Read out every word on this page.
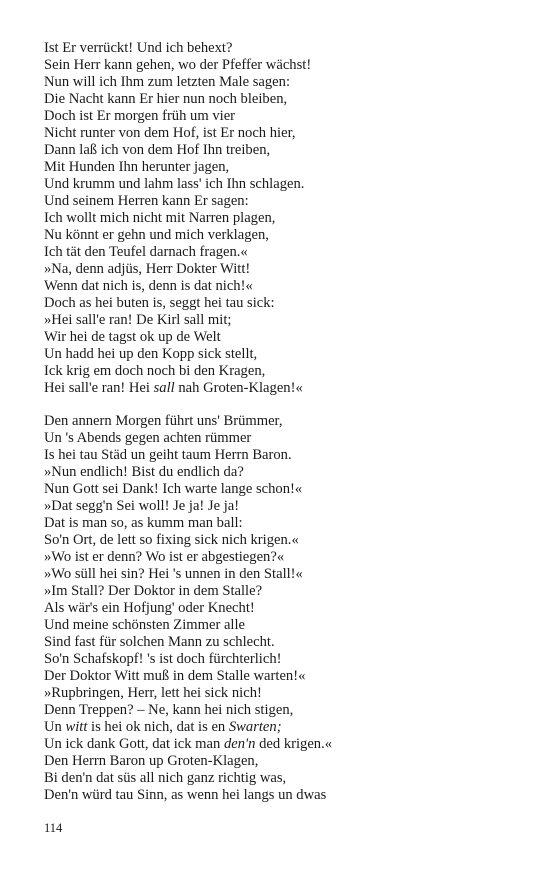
Ist Er verrückt! Und ich behext?
Sein Herr kann gehen, wo der Pfeffer wächst!
Nun will ich Ihm zum letzten Male sagen:
Die Nacht kann Er hier nun noch bleiben,
Doch ist Er morgen früh um vier
Nicht runter von dem Hof, ist Er noch hier,
Dann laß ich von dem Hof Ihn treiben,
Mit Hunden Ihn herunter jagen,
Und krumm und lahm lass' ich Ihn schlagen.
Und seinem Herren kann Er sagen:
Ich wollt mich nicht mit Narren plagen,
Nu könnt er gehn und mich verklagen,
Ich tät den Teufel darnach fragen.«
»Na, denn adjüs, Herr Dokter Witt!
Wenn dat nich is, denn is dat nich!«
Doch as hei buten is, seggt hei tau sick:
»Hei sall'e ran! De Kirl sall mit;
Wir hei de tagst ok up de Welt
Un hadd hei up den Kopp sick stellt,
Ick krig em doch noch bi den Kragen,
Hei sall'e ran! Hei sall nah Groten-Klagen!«
Den annern Morgen führt uns' Brümmer,
Un 's Abends gegen achten rümmer
Is hei tau Städ un geiht taum Herrn Baron.
»Nun endlich! Bist du endlich da?
Nun Gott sei Dank! Ich warte lange schon!«
»Dat segg'n Sei woll! Je ja! Je ja!
Dat is man so, as kumm man ball:
So'n Ort, de lett so fixing sick nich krigen.«
»Wo ist er denn? Wo ist er abgestiegen?«
»Wo süll hei sin? Hei 's unnen in den Stall!«
»Im Stall? Der Doktor in dem Stalle?
Als wär's ein Hofjung' oder Knecht!
Und meine schönsten Zimmer alle
Sind fast für solchen Mann zu schlecht.
So'n Schafskopf! 's ist doch fürchterlich!
Der Doktor Witt muß in dem Stalle warten!«
»Rupbringen, Herr, lett hei sick nich!
Denn Treppen? – Ne, kann hei nich stigen,
Un witt is hei ok nich, dat is en Swarten;
Un ick dank Gott, dat ick man den'n ded krigen.«
Den Herrn Baron up Groten-Klagen,
Bi den'n dat süs all nich ganz richtig was,
Den'n würd tau Sinn, as wenn hei langs un dwas
114
